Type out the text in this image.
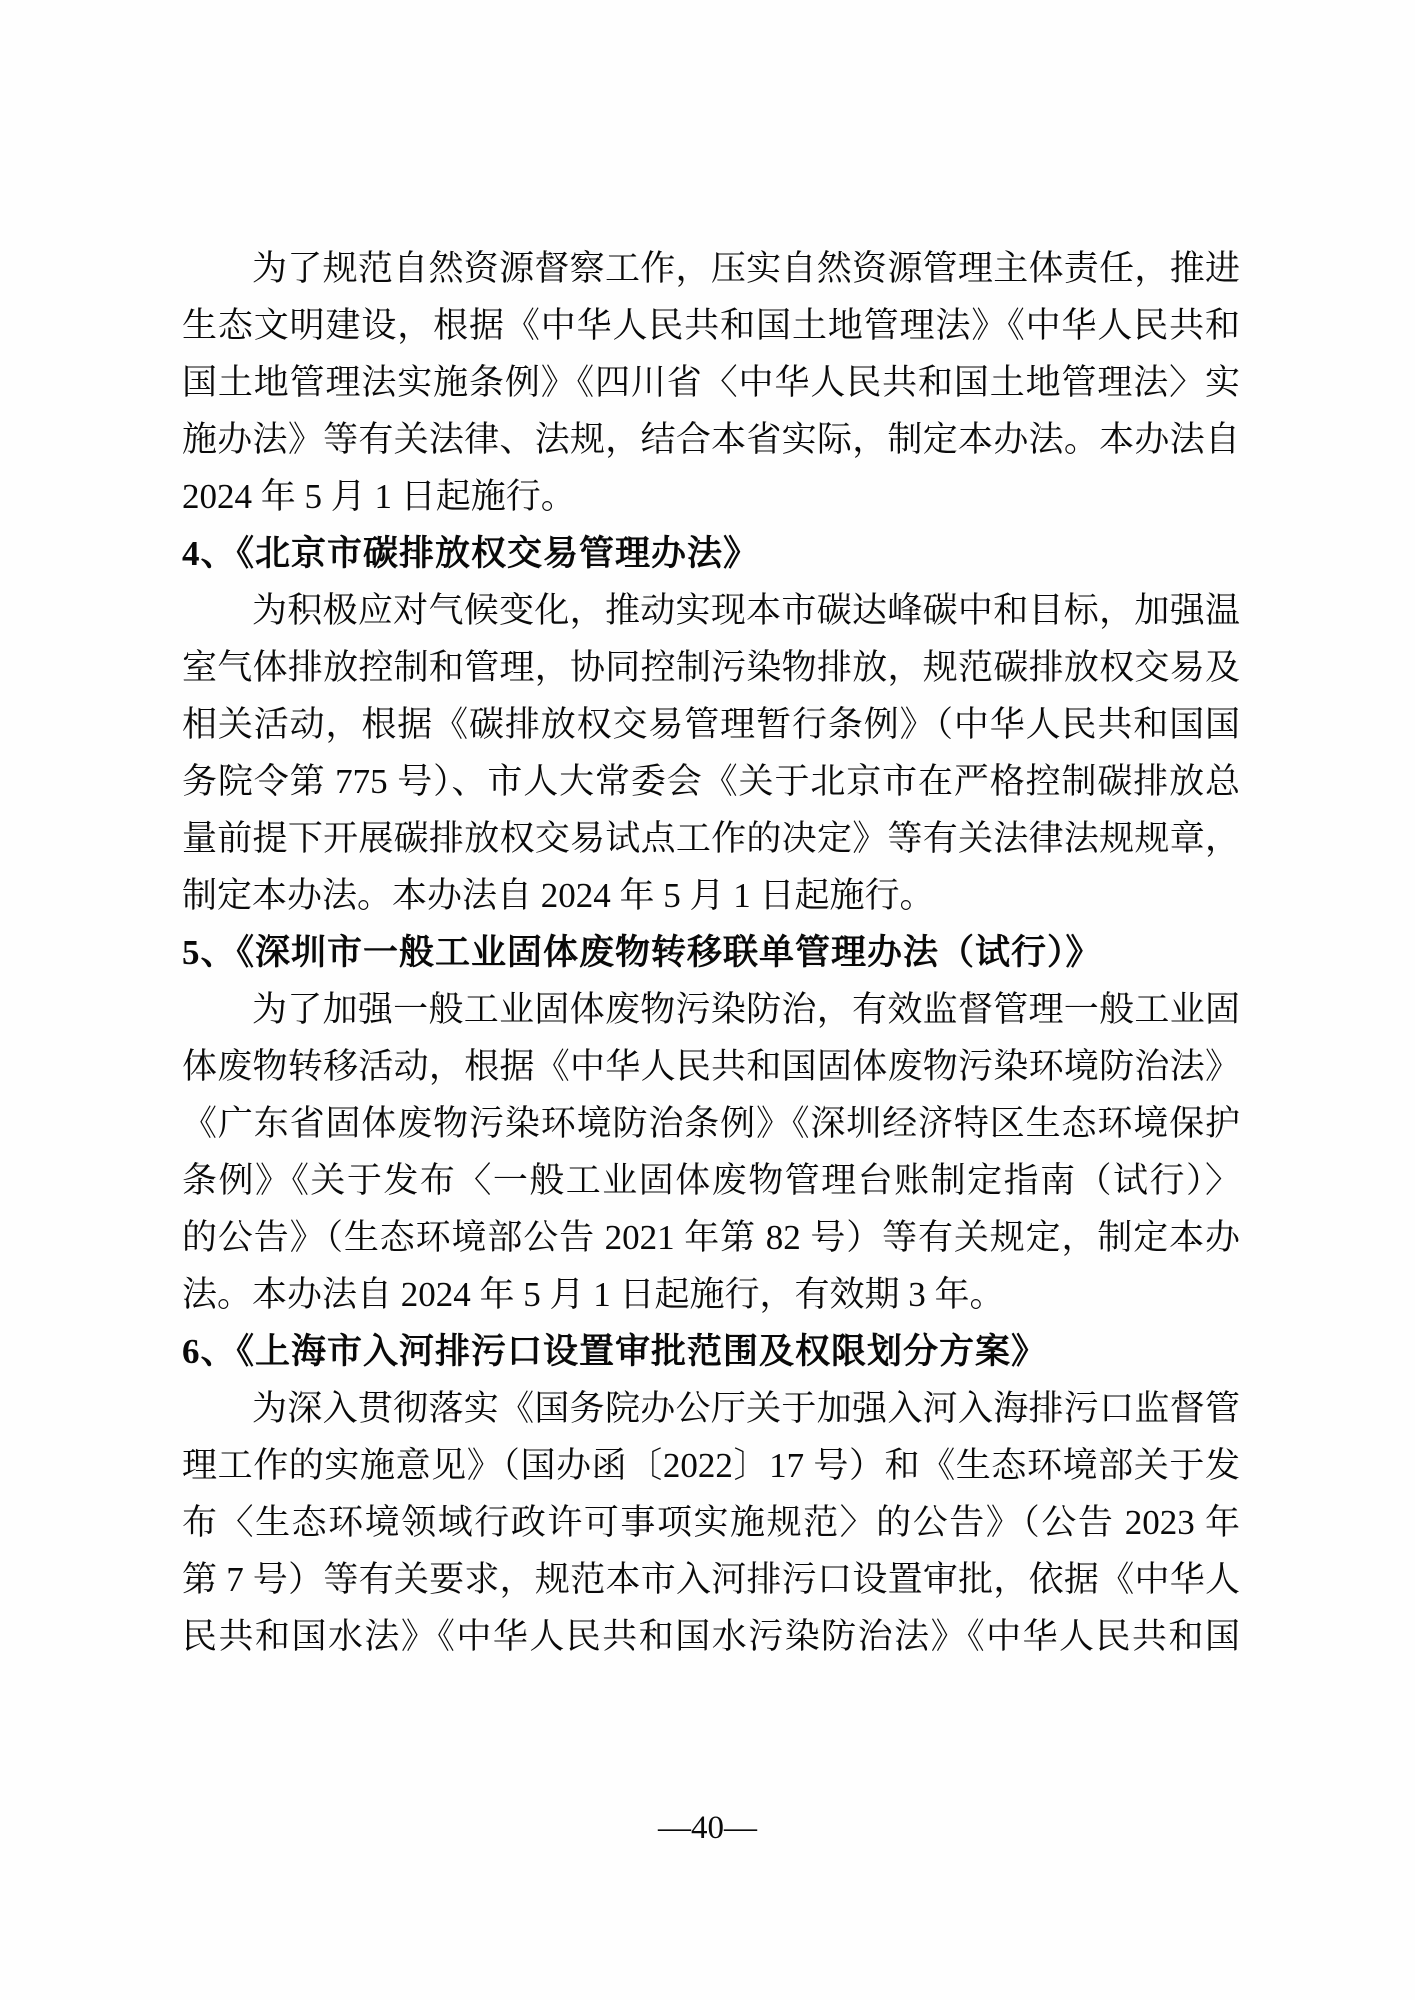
为了规范自然资源督察工作，压实自然资源管理主体责任，推进
生态文明建设，根据《中华人民共和国土地管理法》《中华人民共和
国土地管理法实施条例》《四川省〈中华人民共和国土地管理法〉实
施办法》等有关法律、法规，结合本省实际，制定本办法。本办法自
2024 年 5 月 1 日起施行。
4、《北京市碳排放权交易管理办法》
为积极应对气候变化，推动实现本市碳达峰碳中和目标，加强温
室气体排放控制和管理，协同控制污染物排放，规范碳排放权交易及
相关活动，根据《碳排放权交易管理暂行条例》（中华人民共和国国
务院令第 775 号）、市人大常委会《关于北京市在严格控制碳排放总
量前提下开展碳排放权交易试点工作的决定》等有关法律法规规章，
制定本办法。本办法自 2024 年 5 月 1 日起施行。
5、《深圳市一般工业固体废物转移联单管理办法（试行）》
为了加强一般工业固体废物污染防治，有效监督管理一般工业固
体废物转移活动，根据《中华人民共和国固体废物污染环境防治法》
《广东省固体废物污染环境防治条例》《深圳经济特区生态环境保护
条例》《关于发布〈一般工业固体废物管理台账制定指南（试行）〉
的公告》（生态环境部公告 2021 年第 82 号）等有关规定，制定本办
法。本办法自 2024 年 5 月 1 日起施行，有效期 3 年。
6、《上海市入河排污口设置审批范围及权限划分方案》
为深入贯彻落实《国务院办公厅关于加强入河入海排污口监督管
理工作的实施意见》（国办函〔2022〕17 号）和《生态环境部关于发
布〈生态环境领域行政许可事项实施规范〉的公告》（公告 2023 年
第 7 号）等有关要求，规范本市入河排污口设置审批，依据《中华人
民共和国水法》《中华人民共和国水污染防治法》《中华人民共和国
—40—
